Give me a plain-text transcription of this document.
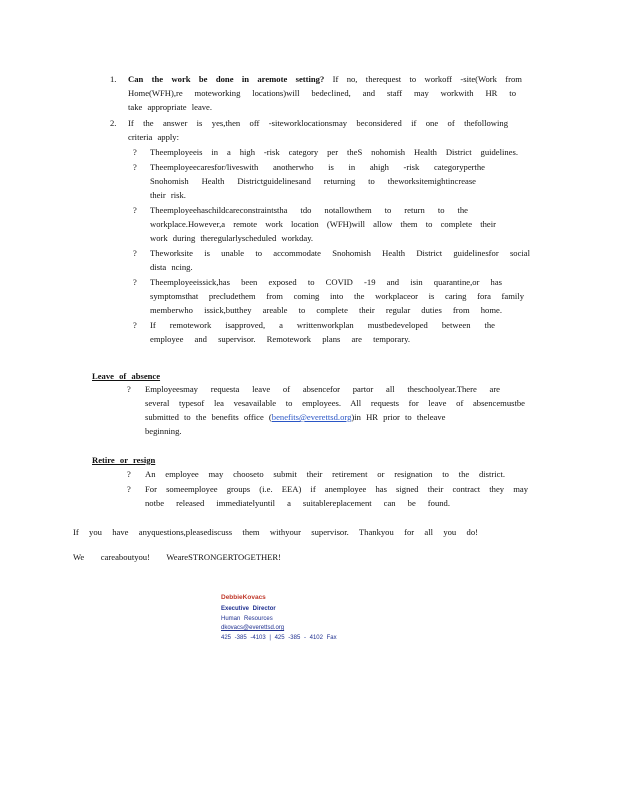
1. Can the work be done in aremote setting? If no, therequest to workoff -site(Work from
Home(WFH),re moteworking locations)will bedeclined, and staff may workwith HR to
take appropriate leave.
2. If the answer is yes,then off -siteworklocationsmay beconsidered if one of thefollowing
criteria apply:
? Theemployeeis in a high -risk category per theS nohomish Health District guidelines.
? Theemployeecaresfor/liveswith anotherwho is in ahigh -risk categoryperthe
Snohomish Health Districtguidelinesand returning to theworksitemightincrease
their risk.
? Theemployeehaschildcareconstraintstha tdo notallowthem to return to the
workplace.However,a remote work location (WFH)will allow them to complete their
work during theregularlyscheduled workday.
? Theworksite is unable to accommodate Snohomish Health District guidelinesfor social
dista ncing.
? Theemployeeissick,has been exposed to COVID -19 and isin quarantine,or has
symptomsthat precludethem from coming into the workplaceor is caring fora family
memberwho issick,butthey areable to complete their regular duties from home.
? If remotework isapproved, a writtenworkplan mustbedeveloped between the
employee and supervisor. Remotework plans are temporary.
Leave of absence
? Employeesmay requesta leave of absencefor partor all theschoolyear.There are
several typesof lea vesavailable to employees. All requests for leave of absencemustbe
submitted to the benefits office (benefits@everettsd.org)in HR prior to theleave
beginning.
Retire or resign
? An employee may chooseto submit their retirement or resignation to the district.
? For someemployee groups (i.e. EEA) if anemployee has signed their contract they may
notbe released immediatelyuntil a suitablereplacement can be found.
If you have anyquestions,pleasediscuss them withyour supervisor. Thankyou for all you do!
We careaboutyou! WeareSTRONGERTOGETHER!
DebbieKovacs
Executive Director
Human Resources
dkovacs@everettsd.org
425 -385 -4103 | 425 -385 - 4102 Fax
